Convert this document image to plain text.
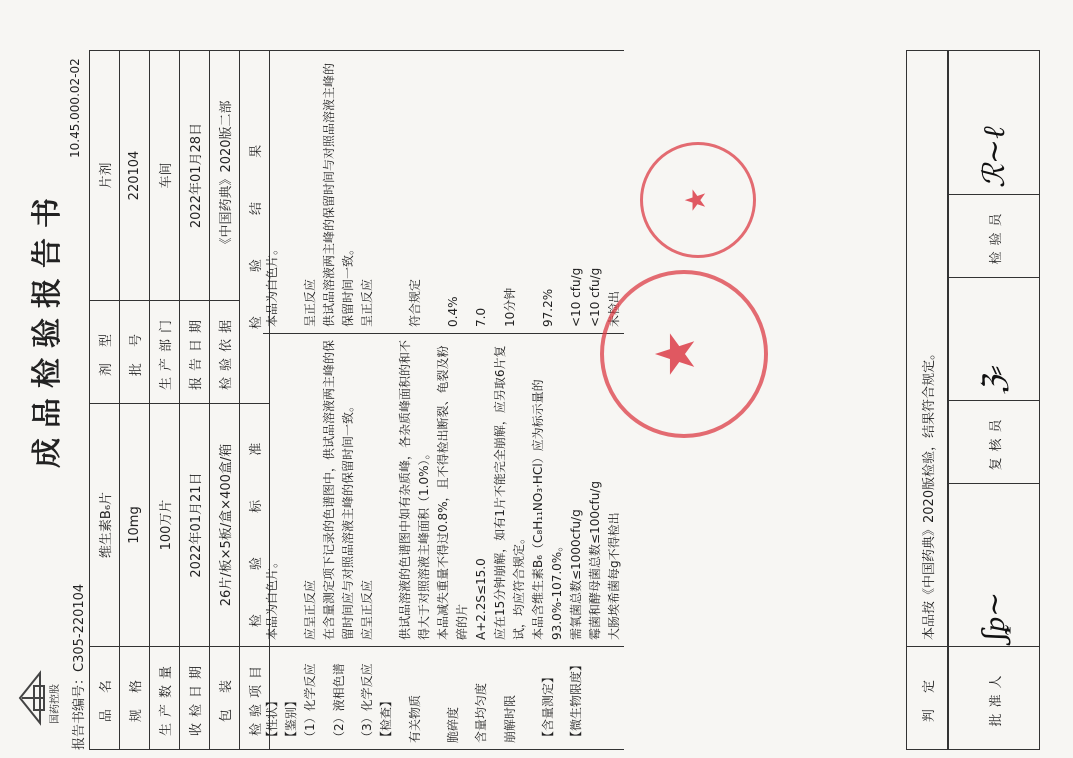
国药控股
成品检验报告书
报告书编号：C305-220104
10.45.000.02-02
品 名	维生素B₆片	剂 型	片剂
规 格	10mg	批 号	220104
生产数量	100万片	生产部门	车间
收检日期	2022年01月21日	报告日期	2022年01月28日
包 装	26片/板×5板/盒×400盒/箱	检验依据	《中国药典》2020版二部
检验项目	检 验 标 准	检 验 结 果	
【性状】	本品为白色片。	本品为白色片。
【鉴别】		
（1）化学反应	应呈正反应	呈正反应
（2）液相色谱	在含量测定项下记录的色谱图中，供试品溶液两主峰的保留时间应与对照品溶液主峰的保留时间一致。	供试品溶液两主峰的保留时间与对照品溶液主峰的保留时间一致。
（3）化学反应	应呈正反应	呈正反应
【检查】		
有关物质	供试品溶液的色谱图中如有杂质峰，各杂质峰面积的和不得大于对照溶液主峰面积（1.0%）。	符合规定
脆碎度	本品减失重量不得过0.8%，且不得检出断裂、龟裂及粉碎的片	0.4%
含量均匀度	A+2.2S≤15.0	7.0
崩解时限	应在15分钟崩解，如有1片不能完全崩解，应另取6片复试，均应符合规定。	10分钟
【含量测定】	本品含维生素B₆（C₈H₁₁NO₃·HCl）应为标示量的93.0%-107.0%。	97.2%
【微生物限度】	需氧菌总数≤1000cfu/g	<10 cfu/g
	霉菌和酵母菌总数≤100cfu/g	<10 cfu/g
	大肠埃希菌每g不得检出	未检出
判 定	本品按《中国药典》2020版检验，结果符合规定。
批准人	ʃᵱ~	复核员	ℨ⸗	检验员	ℛ∼ℓ
★
★
